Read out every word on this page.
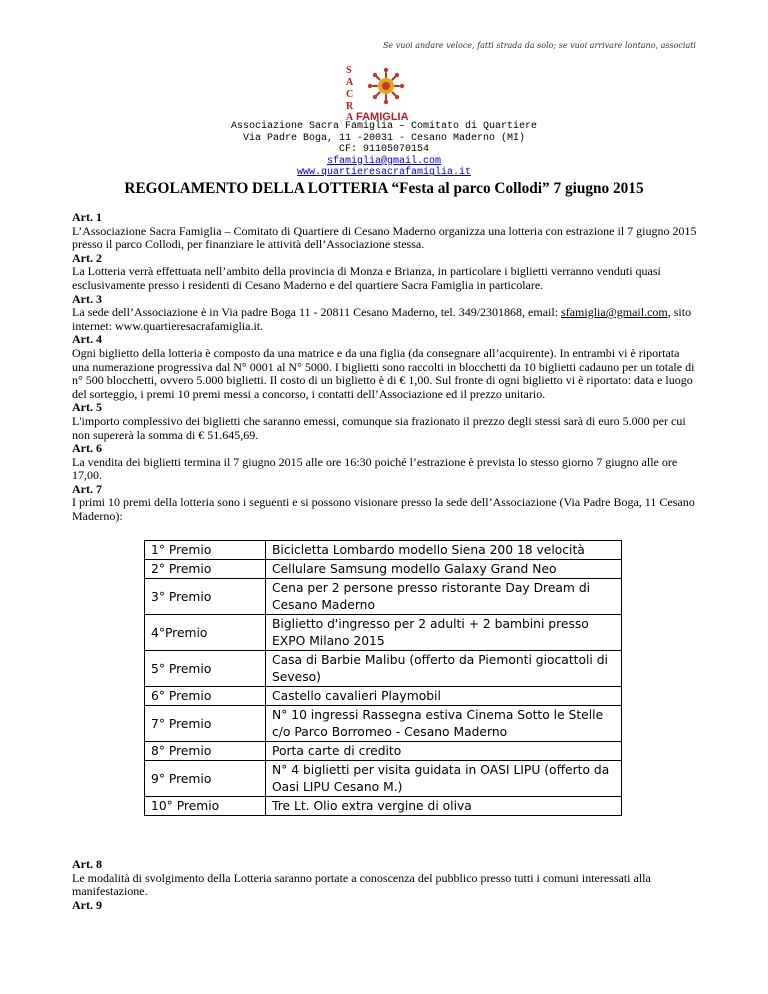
Se vuoi andare veloce, fatti strada da solo; se vuoi arrivare lontano, associati
S
A
C
R
A FAMIGLIA
Associazione Sacra Famiglia – Comitato di Quartiere
Via Padre Boga, 11 -20031 - Cesano Maderno (MI)
CF: 91105070154
sfamiglia@gmail.com
www.quartieresacrafamiglia.it
REGOLAMENTO DELLA LOTTERIA “Festa al parco Collodi” 7 giugno 2015
Art. 1

L’Associazione Sacra Famiglia – Comitato di Quartiere di Cesano Maderno organizza una lotteria con estrazione il 7 giugno 2015 presso il parco Collodi, per finanziare le attività dell’Associazione stessa.

Art. 2

La Lotteria verrà effettuata nell’ambito della provincia di Monza e Brianza, in particolare i biglietti verranno venduti quasi esclusivamente presso i residenti di Cesano Maderno e del quartiere Sacra Famiglia in particolare.

Art. 3

La sede dell’Associazione è in Via padre Boga 11 - 20811 Cesano Maderno, tel. 349/2301868, email: sfamiglia@gmail.com, sito internet: www.quartieresacrafamiglia.it.

Art. 4

Ogni biglietto della lotteria è composto da una matrice e da una figlia (da consegnare all’acquirente). In entrambi vi è riportata una numerazione progressiva dal N° 0001 al N° 5000. I biglietti sono raccolti in blocchetti da 10 biglietti cadauno per un totale di n° 500 blocchetti, ovvero 5.000 biglietti. Il costo di un biglietto è di € 1,00. Sul fronte di ogni biglietto vi è riportato: data e luogo del sorteggio, i premi 10 premi messi a concorso, i contatti dell’Associazione ed il prezzo unitario.

Art. 5

L'importo complessivo dei biglietti che saranno emessi, comunque sia frazionato il prezzo degli stessi sarà di euro 5.000 per cui non supererà la somma di € 51.645,69.

Art. 6

La vendita dei biglietti termina il 7 giugno 2015 alle ore 16:30 poiché l’estrazione è prevista lo stesso giorno 7 giugno alle ore 17,00.

Art. 7

I primi 10 premi della lotteria sono i seguenti e si possono visionare presso la sede dell’Associazione (Via Padre Boga, 11 Cesano Maderno):

1° Premio	Bicicletta Lombardo modello Siena 200 18 velocità
2° Premio	Cellulare Samsung modello Galaxy Grand Neo
3° Premio	Cena per 2 persone presso ristorante Day Dream di Cesano Maderno
4°Premio	Biglietto d'ingresso per 2 adulti + 2 bambini presso EXPO Milano 2015
5° Premio	Casa di Barbie Malibu (offerto da Piemonti giocattoli di Seveso)
6° Premio	Castello cavalieri Playmobil
7° Premio	N° 10 ingressi Rassegna estiva Cinema Sotto le Stelle c/o Parco Borromeo - Cesano Maderno
8° Premio	Porta carte di credito
9° Premio	N° 4 biglietti per visita guidata in OASI LIPU (offerto da Oasi LIPU Cesano M.)
10° Premio	Tre Lt. Olio extra vergine di oliva
Art. 8

Le modalità di svolgimento della Lotteria saranno portate a conoscenza del pubblico presso tutti i comuni interessati alla manifestazione.

Art. 9
